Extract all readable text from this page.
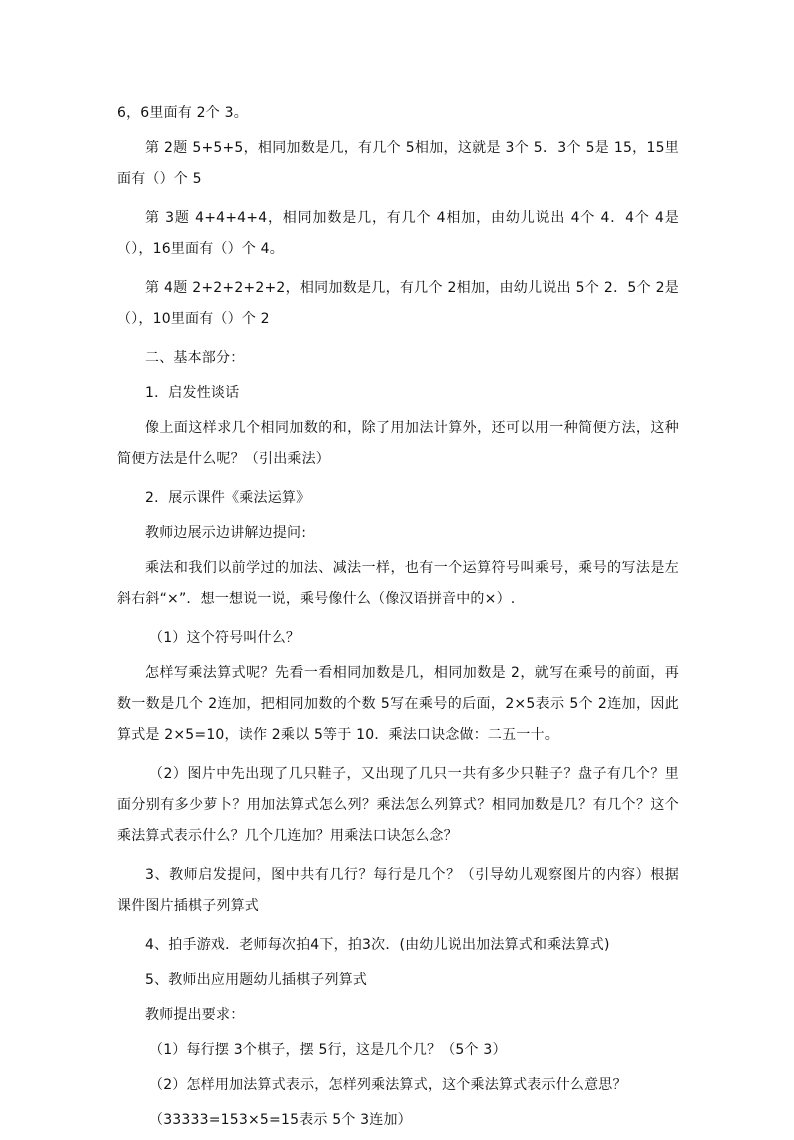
6，6里面有 2个 3。

第 2题 5+5+5，相同加数是几，有几个 5相加，这就是 3个 5．3个 5是 15，15里面有（）个 5

第 3题 4+4+4+4，相同加数是几，有几个 4相加，由幼儿说出 4个 4．4个 4是（），16里面有（）个 4。

第 4题 2+2+2+2+2，相同加数是几，有几个 2相加，由幼儿说出 5个 2．5个 2是（），10里面有（）个 2

二、基本部分：

1．启发性谈话

像上面这样求几个相同加数的和，除了用加法计算外，还可以用一种简便方法，这种简便方法是什么呢？（引出乘法）

2．展示课件《乘法运算》

教师边展示边讲解边提问:

乘法和我们以前学过的加法、减法一样，也有一个运算符号叫乘号，乘号的写法是左斜右斜“×”．想一想说一说，乘号像什么（像汉语拼音中的×）.

（1）这个符号叫什么？

怎样写乘法算式呢？先看一看相同加数是几，相同加数是 2，就写在乘号的前面，再数一数是几个 2连加，把相同加数的个数 5写在乘号的后面，2×5表示 5个 2连加，因此算式是 2×5=10，读作 2乘以 5等于 10．乘法口诀念做：二五一十。

（2）图片中先出现了几只鞋子，又出现了几只一共有多少只鞋子？盘子有几个？里面分别有多少萝卜？用加法算式怎么列？乘法怎么列算式？相同加数是几？有几个？这个乘法算式表示什么？几个几连加？用乘法口诀怎么念？

3、教师启发提问，图中共有几行？每行是几个？（引导幼儿观察图片的内容）根据课件图片插棋子列算式

4、拍手游戏．老师每次拍4下，拍3次．(由幼儿说出加法算式和乘法算式)

5、教师出应用题幼儿插棋子列算式

教师提出要求：

（1）每行摆 3个棋子，摆 5行，这是几个几？（5个 3）

（2）怎样用加法算式表示，怎样列乘法算式，这个乘法算式表示什么意思？

（33333=153×5=15表示 5个 3连加）
